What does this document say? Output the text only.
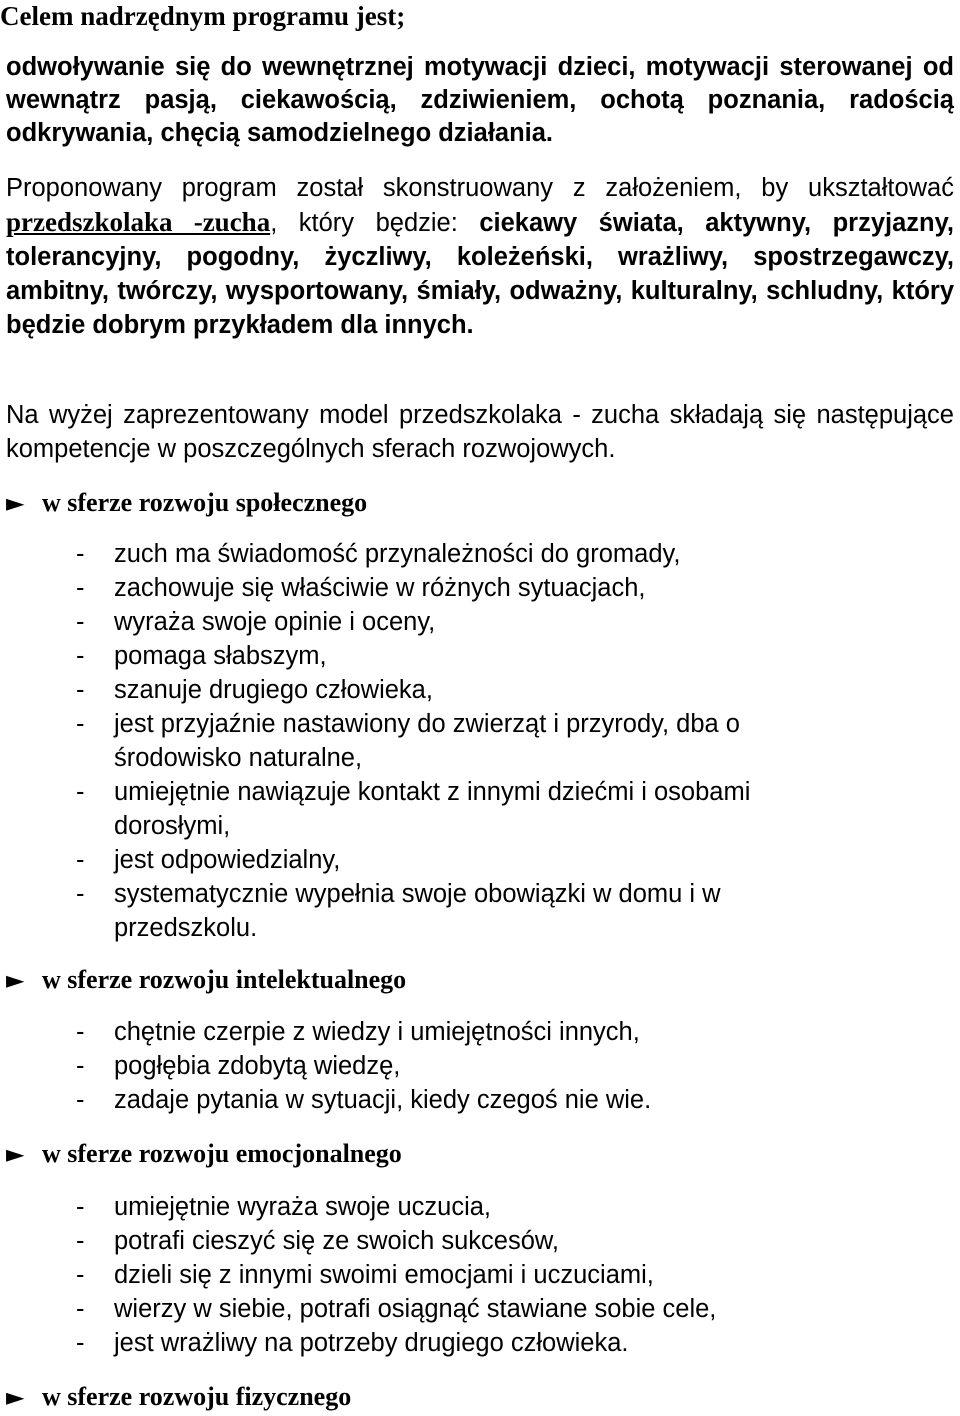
Celem nadrzędnym programu jest;

odwoływanie się do wewnętrznej motywacji dzieci, motywacji sterowanej od wewnątrz pasją, ciekawością, zdziwieniem, ochotą poznania, radością odkrywania, chęcią samodzielnego działania.

Proponowany program został skonstruowany z założeniem, by ukształtować przedszkolaka -zucha, który będzie: ciekawy świata, aktywny, przyjazny, tolerancyjny, pogodny, życzliwy, koleżeński, wrażliwy, spostrzegawczy, ambitny, twórczy, wysportowany, śmiały, odważny, kulturalny, schludny, który będzie dobrym przykładem dla innych.

Na wyżej zaprezentowany model przedszkolaka - zucha składają się następujące kompetencje w poszczególnych sferach rozwojowych.

► w sferze rozwoju społecznego
- zuch ma świadomość przynależności do gromady,
- zachowuje się właściwie w różnych sytuacjach,
- wyraża swoje opinie i oceny,
- pomaga słabszym,
- szanuje drugiego człowieka,
- jest przyjaźnie nastawiony do zwierząt i przyrody, dba o środowisko naturalne,
- umiejętnie nawiązuje kontakt z innymi dziećmi i osobami dorosłymi,
- jest odpowiedzialny,
- systematycznie wypełnia swoje obowiązki w domu i w przedszkolu.
► w sferze rozwoju intelektualnego
- chętnie czerpie z wiedzy i umiejętności innych,
- pogłębia zdobytą wiedzę,
- zadaje pytania w sytuacji, kiedy czegoś nie wie.
► w sferze rozwoju emocjonalnego
- umiejętnie wyraża swoje uczucia,
- potrafi cieszyć się ze swoich sukcesów,
- dzieli się z innymi swoimi emocjami i uczuciami,
- wierzy w siebie, potrafi osiągnąć stawiane sobie cele,
- jest wrażliwy na potrzeby drugiego człowieka.
► w sferze rozwoju fizycznego
